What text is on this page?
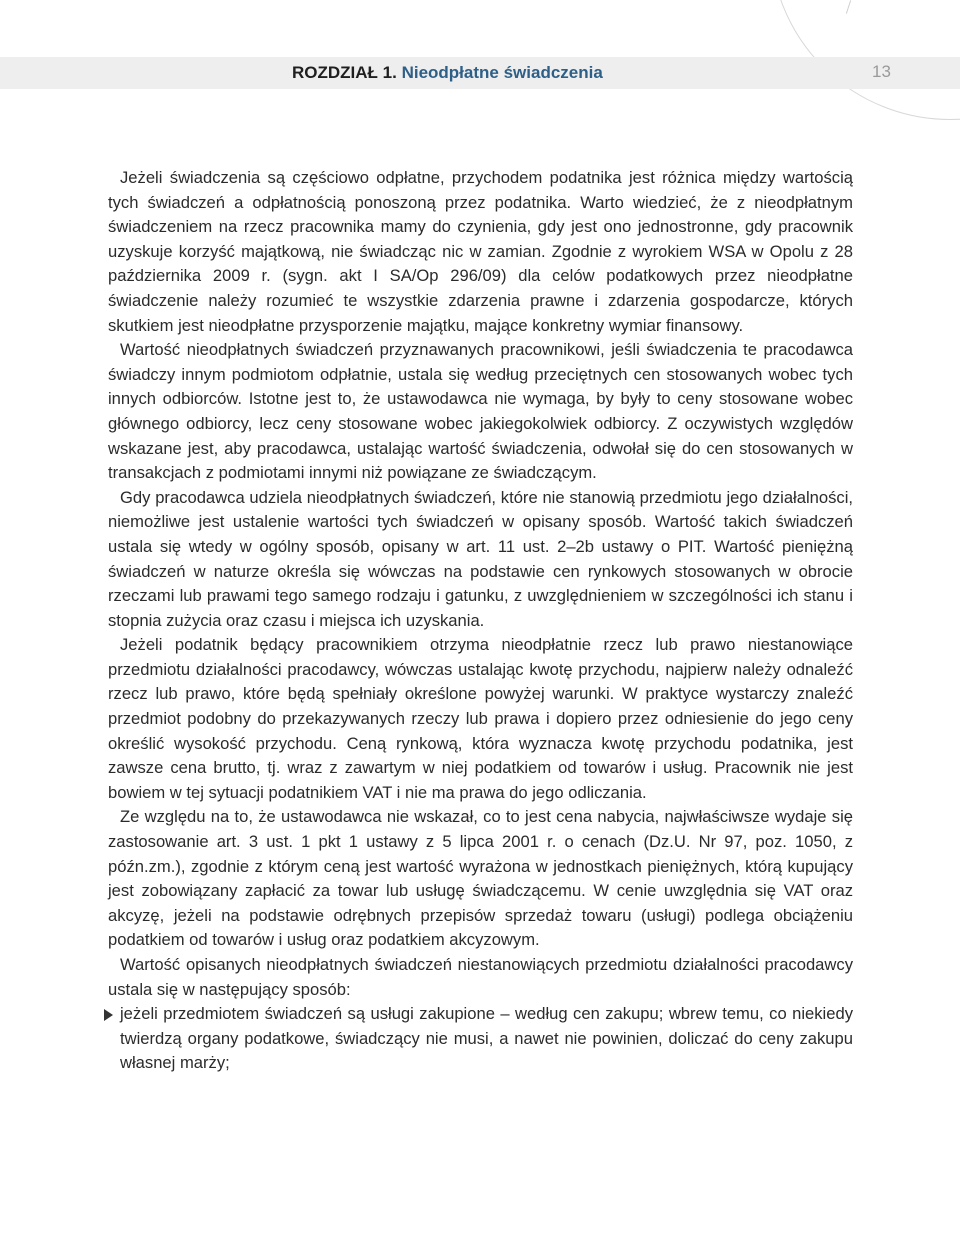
ROZDZIAŁ 1. Nieodpłatne świadczenia	13

Jeżeli świadczenia są częściowo odpłatne, przychodem podatnika jest różnica między wartością tych świadczeń a odpłatnością ponoszoną przez podatnika. Warto wiedzieć, że z nieodpłatnym świadczeniem na rzecz pracownika mamy do czynienia, gdy jest ono jednostronne, gdy pracownik uzyskuje korzyść majątkową, nie świadcząc nic w zamian. Zgodnie z wyrokiem WSA w Opolu z 28 października 2009 r. (sygn. akt I SA/Op 296/09) dla celów podatkowych przez nieodpłatne świadczenie należy rozumieć te wszystkie zdarzenia prawne i zdarzenia gospodarcze, których skutkiem jest nieodpłatne przysporzenie majątku, mające konkretny wymiar finansowy.

Wartość nieodpłatnych świadczeń przyznawanych pracownikowi, jeśli świadczenia te pracodawca świadczy innym podmiotom odpłatnie, ustala się według przeciętnych cen stosowanych wobec tych innych odbiorców. Istotne jest to, że ustawodawca nie wymaga, by były to ceny stosowane wobec głównego odbiorcy, lecz ceny stosowane wobec jakiegokolwiek odbiorcy. Z oczywistych względów wskazane jest, aby pracodawca, ustalając wartość świadczenia, odwołał się do cen stosowanych w transakcjach z podmiotami innymi niż powiązane ze świadczącym.

Gdy pracodawca udziela nieodpłatnych świadczeń, które nie stanowią przedmiotu jego działalności, niemożliwe jest ustalenie wartości tych świadczeń w opisany sposób. Wartość takich świadczeń ustala się wtedy w ogólny sposób, opisany w art. 11 ust. 2–2b ustawy o PIT. Wartość pieniężną świadczeń w naturze określa się wówczas na podstawie cen rynkowych stosowanych w obrocie rzeczami lub prawami tego samego rodzaju i gatunku, z uwzględnieniem w szczególności ich stanu i stopnia zużycia oraz czasu i miejsca ich uzyskania.

Jeżeli podatnik będący pracownikiem otrzyma nieodpłatnie rzecz lub prawo niestanowiące przedmiotu działalności pracodawcy, wówczas ustalając kwotę przychodu, najpierw należy odnaleźć rzecz lub prawo, które będą spełniały określone powyżej warunki. W praktyce wystarczy znaleźć przedmiot podobny do przekazywanych rzeczy lub prawa i dopiero przez odniesienie do jego ceny określić wysokość przychodu. Ceną rynkową, która wyznacza kwotę przychodu podatnika, jest zawsze cena brutto, tj. wraz z zawartym w niej podatkiem od towarów i usług. Pracownik nie jest bowiem w tej sytuacji podatnikiem VAT i nie ma prawa do jego odliczania.

Ze względu na to, że ustawodawca nie wskazał, co to jest cena nabycia, najwłaściwsze wydaje się zastosowanie art. 3 ust. 1 pkt 1 ustawy z 5 lipca 2001 r. o cenach (Dz.U. Nr 97, poz. 1050, z późn.zm.), zgodnie z którym ceną jest wartość wyrażona w jednostkach pieniężnych, którą kupujący jest zobowiązany zapłacić za towar lub usługę świadczącemu. W cenie uwzględnia się VAT oraz akcyzę, jeżeli na podstawie odrębnych przepisów sprzedaż towaru (usługi) podlega obciążeniu podatkiem od towarów i usług oraz podatkiem akcyzowym.

Wartość opisanych nieodpłatnych świadczeń niestanowiących przedmiotu działalności pracodawcy ustala się w następujący sposób:

jeżeli przedmiotem świadczeń są usługi zakupione – według cen zakupu; wbrew temu, co niekiedy twierdzą organy podatkowe, świadczący nie musi, a nawet nie powinien, doliczać do ceny zakupu własnej marży;
